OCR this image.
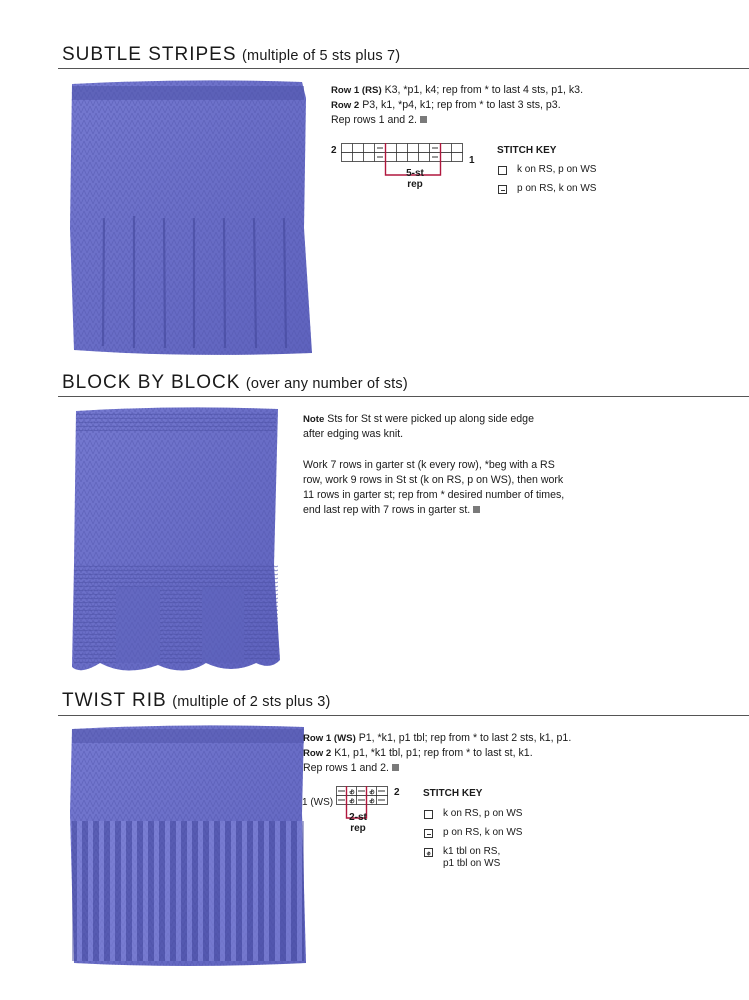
SUBTLE STRIPES (multiple of 5 sts plus 7)
Row 1 (RS) K3, *p1, k4; rep from * to last 4 sts, p1, k3.
Row 2 P3, k1, *p4, k1; rep from * to last 3 sts, p3.
Rep rows 1 and 2.
2
1
5-st
rep
STITCH KEY
k on RS, p on WS
p on RS, k on WS
BLOCK BY BLOCK (over any number of sts)
Note Sts for St st were picked up along side edge
after edging was knit.
Work 7 rows in garter st (k every row), *beg with a RS
row, work 9 rows in St st (k on RS, p on WS), then work
11 rows in garter st; rep from * desired number of times,
end last rep with 7 rows in garter st.
TWIST RIB (multiple of 2 sts plus 3)
Row 1 (WS) P1, *k1, p1 tbl; rep from * to last 2 sts, k1, p1.
Row 2 K1, p1, *k1 tbl, p1; rep from * to last st, k1.
Rep rows 1 and 2.
2
1 (WS)
2-st
rep
STITCH KEY
k on RS, p on WS
p on RS, k on WS
k1 tbl on RS,
p1 tbl on WS
